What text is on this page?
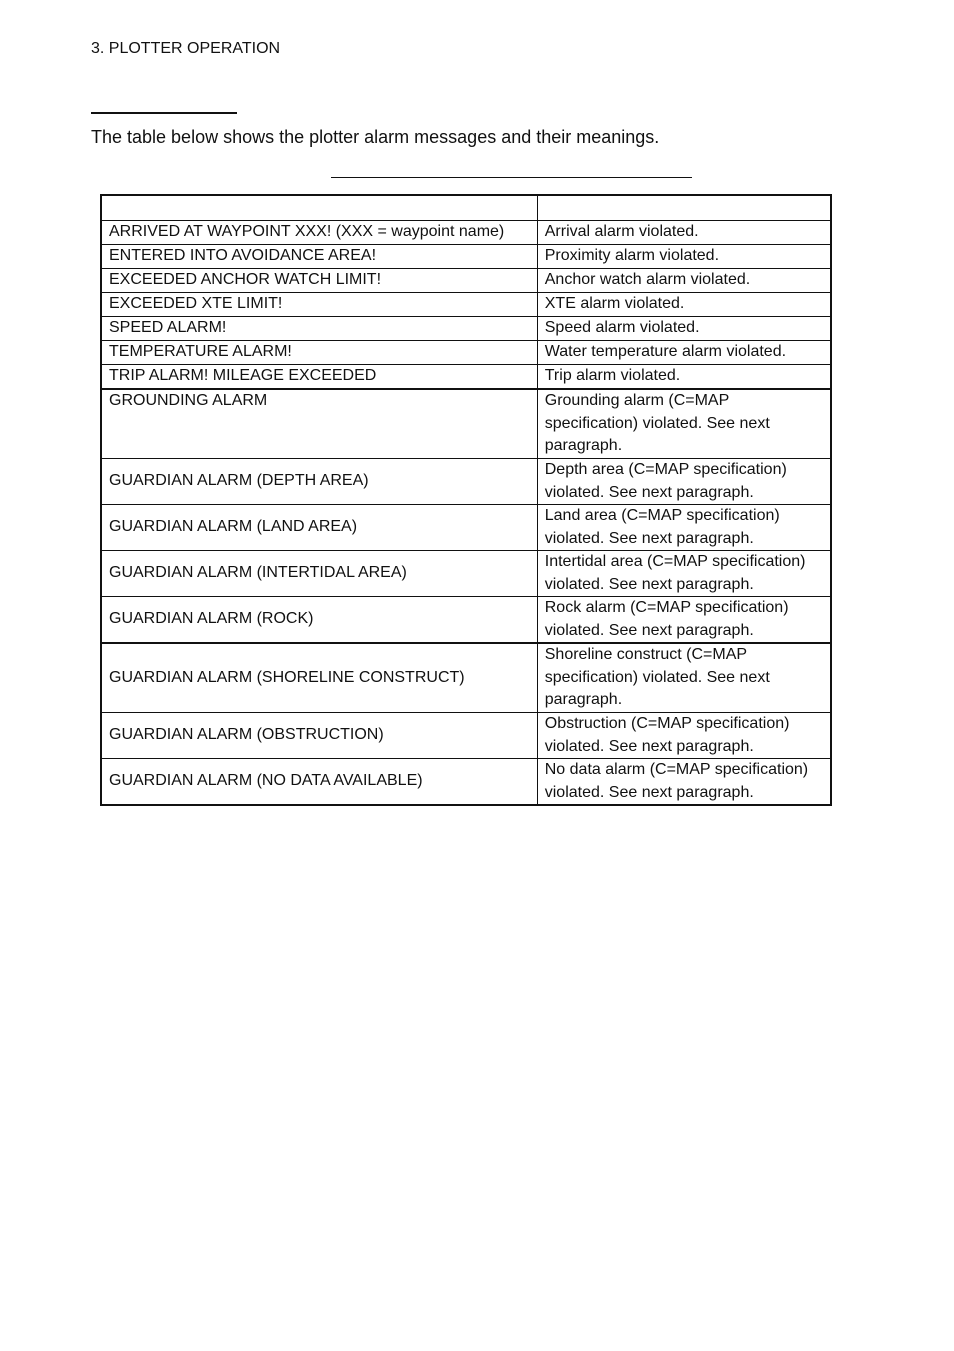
3. PLOTTER OPERATION
The table below shows the plotter alarm messages and their meanings.

ARRIVED AT WAYPOINT XXX! (XXX = waypoint name)	Arrival alarm violated.
ENTERED INTO AVOIDANCE AREA!	Proximity alarm violated.
EXCEEDED ANCHOR WATCH LIMIT!	Anchor watch alarm violated.
EXCEEDED XTE LIMIT!	XTE alarm violated.
SPEED ALARM!	Speed alarm violated.
TEMPERATURE ALARM!	Water temperature alarm violated.
TRIP ALARM! MILEAGE EXCEEDED	Trip alarm violated.
GROUNDING ALARM	Grounding alarm (C=MAP specification) violated. See next paragraph.
GUARDIAN ALARM (DEPTH AREA)	Depth area (C=MAP specification) violated. See next paragraph.
GUARDIAN ALARM (LAND AREA)	Land area (C=MAP specification) violated. See next paragraph.
GUARDIAN ALARM (INTERTIDAL AREA)	Intertidal area (C=MAP specification) violated. See next paragraph.
GUARDIAN ALARM (ROCK)	Rock alarm (C=MAP specification) violated. See next paragraph.
GUARDIAN ALARM (SHORELINE CONSTRUCT)	Shoreline construct (C=MAP specification) violated. See next paragraph.
GUARDIAN ALARM (OBSTRUCTION)	Obstruction (C=MAP specification) violated. See next paragraph.
GUARDIAN ALARM (NO DATA AVAILABLE)	No data alarm (C=MAP specification) violated. See next paragraph.
